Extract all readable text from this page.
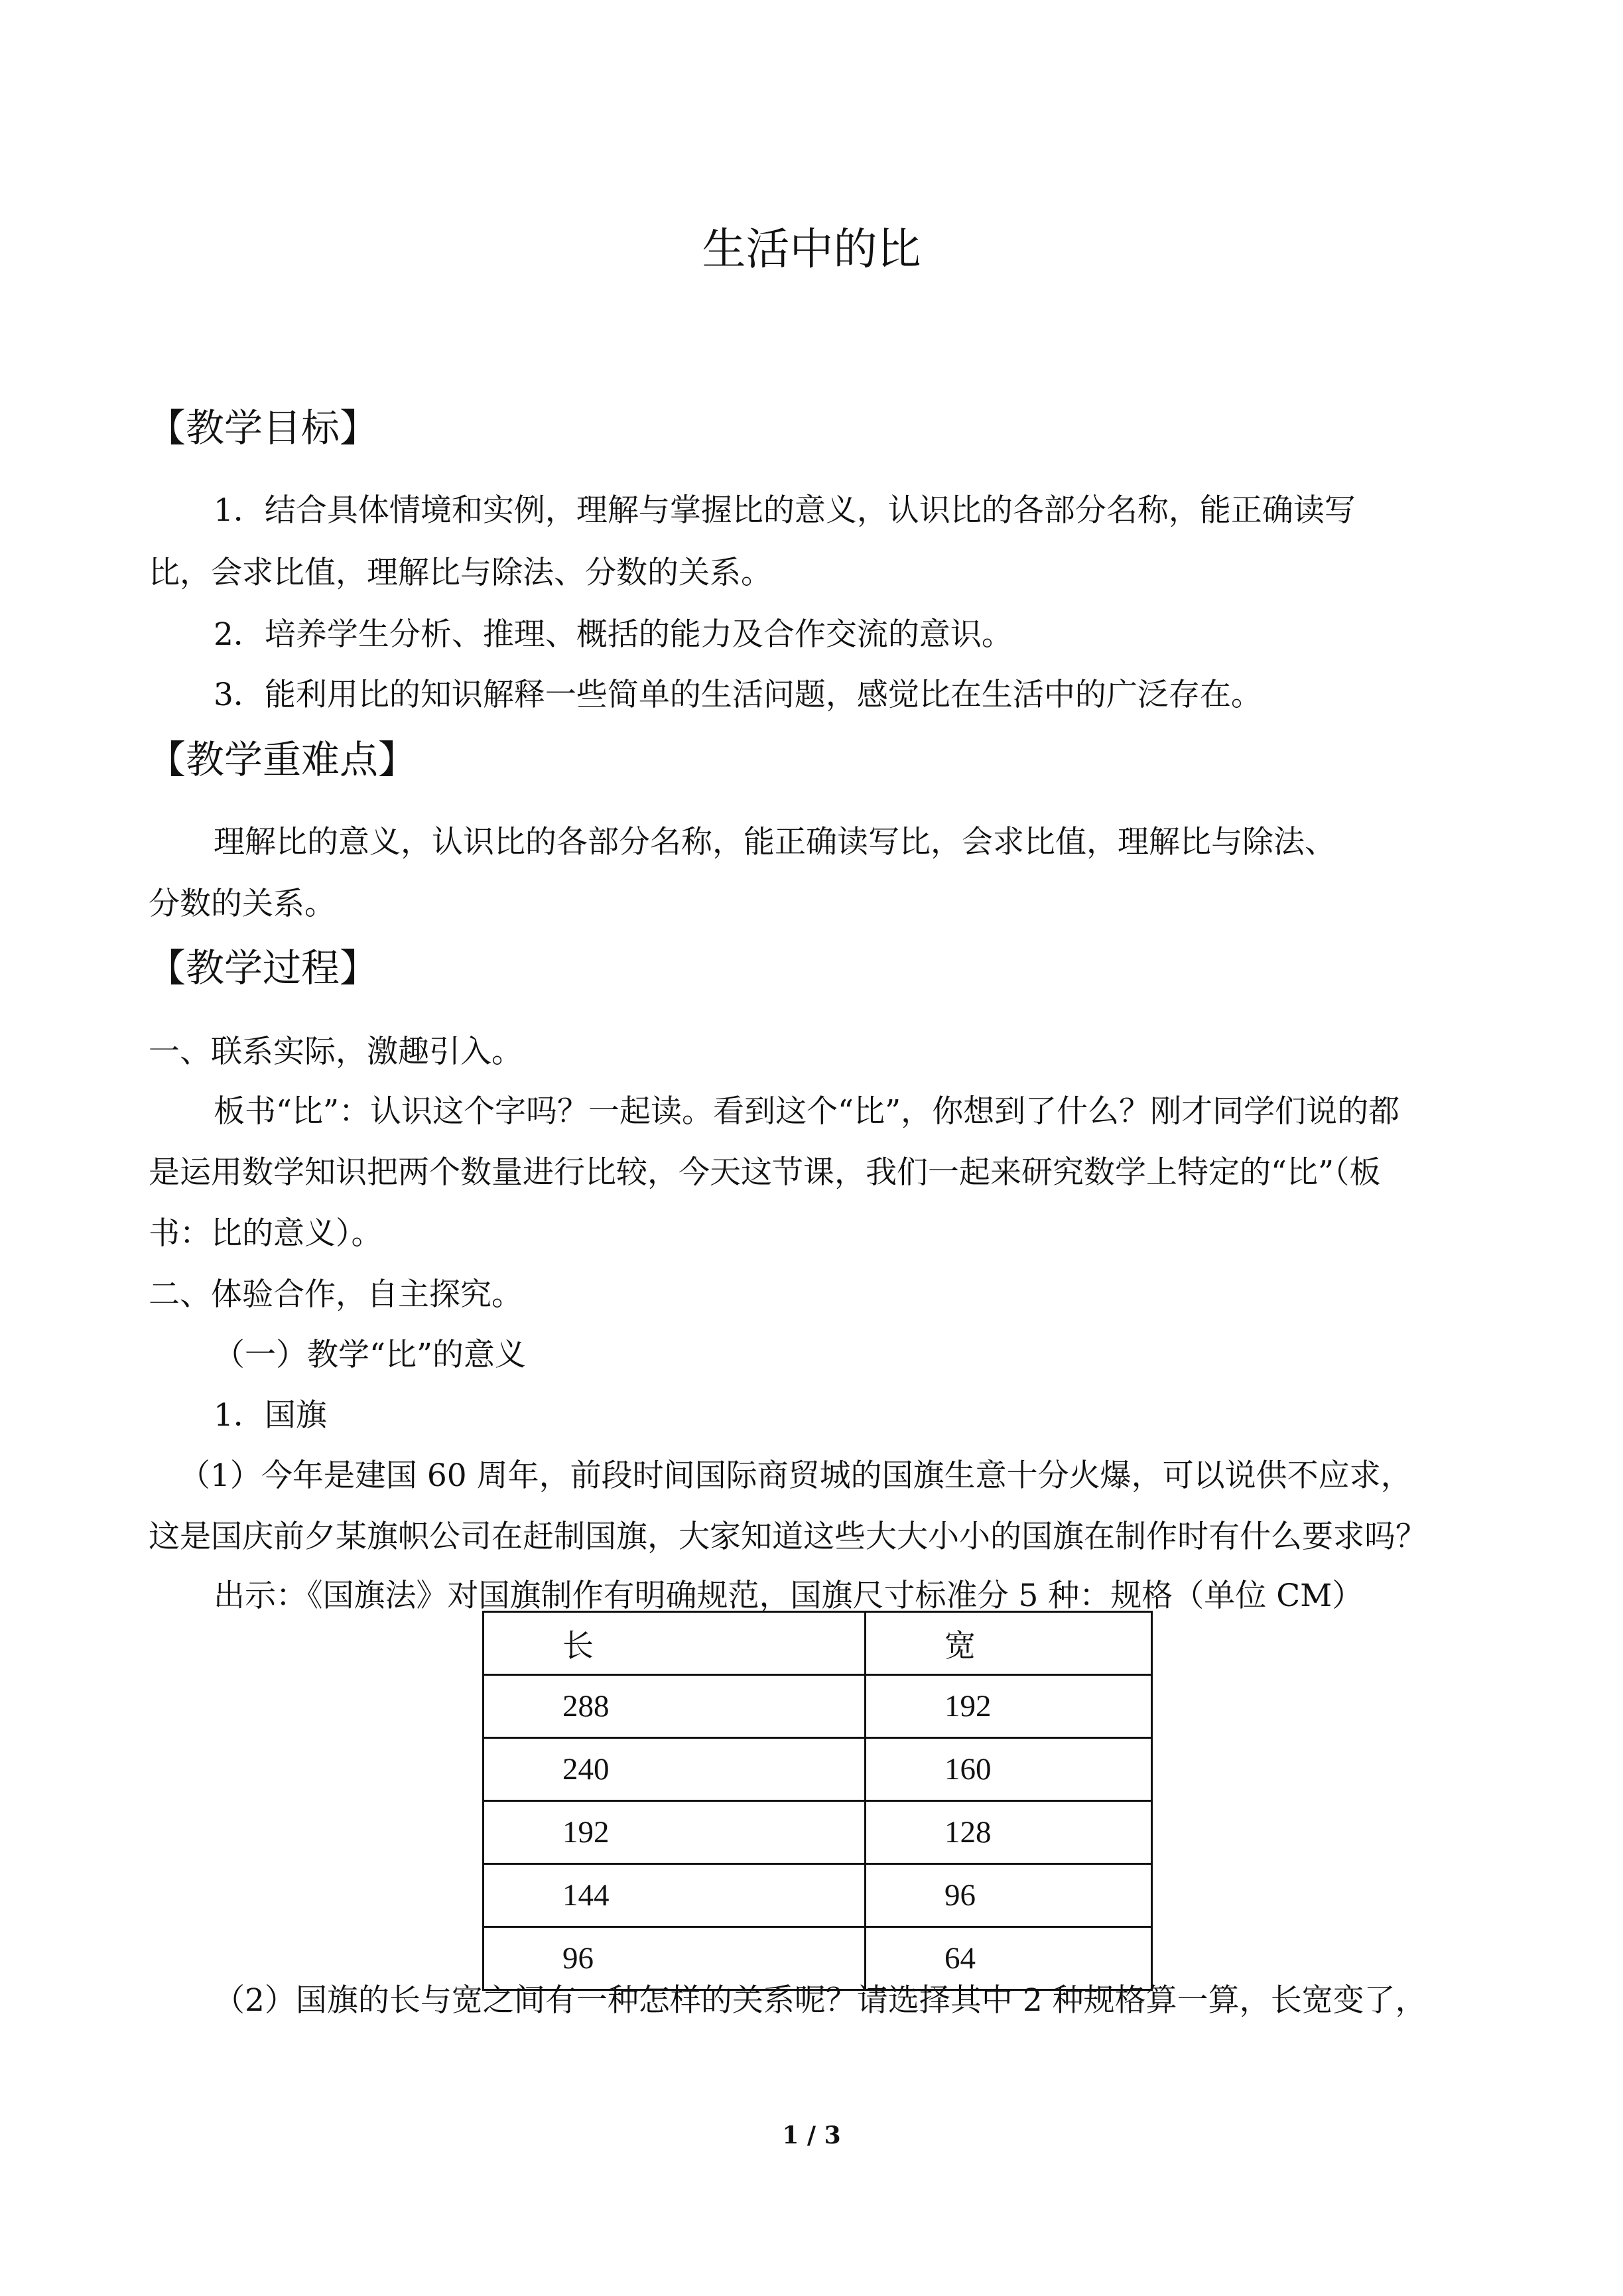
生活中的比
【教学目标】
1．结合具体情境和实例，理解与掌握比的意义，认识比的各部分名称，能正确读写
比，会求比值，理解比与除法、分数的关系。
2．培养学生分析、推理、概括的能力及合作交流的意识。
3．能利用比的知识解释一些简单的生活问题，感觉比在生活中的广泛存在。
【教学重难点】
理解比的意义，认识比的各部分名称，能正确读写比，会求比值，理解比与除法、
分数的关系。
【教学过程】
一、联系实际，激趣引入。
板书“比”：认识这个字吗？一起读。看到这个“比”，你想到了什么？刚才同学们说的都
是运用数学知识把两个数量进行比较，今天这节课，我们一起来研究数学上特定的“比”（板
书：比的意义）。
二、体验合作，自主探究。
（一）教学“比”的意义
1．国旗
（1）今年是建国 60 周年，前段时间国际商贸城的国旗生意十分火爆，可以说供不应求，
这是国庆前夕某旗帜公司在赶制国旗，大家知道这些大大小小的国旗在制作时有什么要求吗？
出示：《国旗法》对国旗制作有明确规范，国旗尺寸标准分 5 种：规格（单位 CM）
长	宽
288	192
240	160
192	128
144	96
96	64
（2）国旗的长与宽之间有一种怎样的关系呢？请选择其中 2 种规格算一算，长宽变了，
1 / 3
